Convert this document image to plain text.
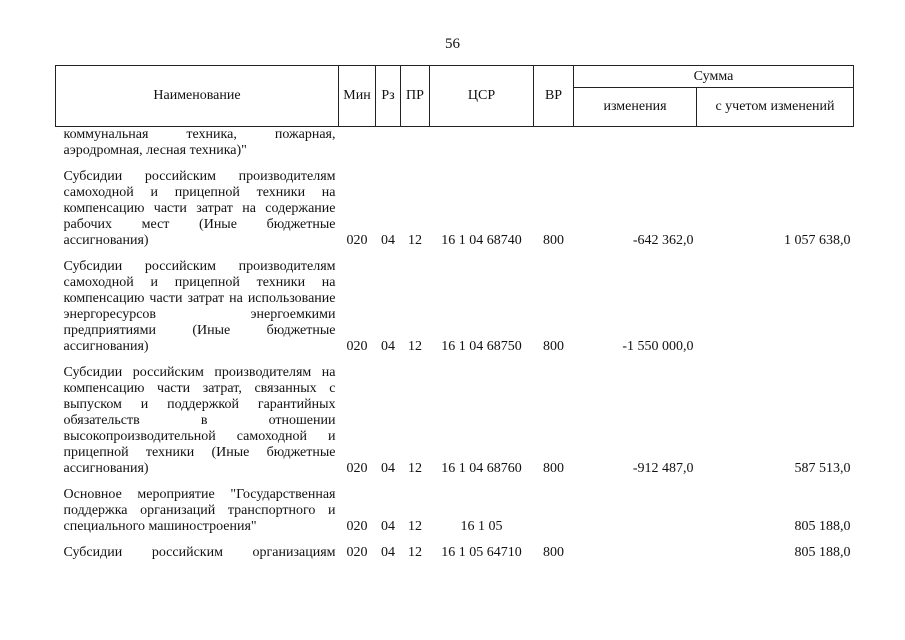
56
Наименование	Мин	Рз	ПР	ЦСР	ВР	Сумма	
						изменения	с учетом изменений
коммунальная техника, пожарная, аэродромная, лесная техника)"							

Субсидии российским производителям самоходной и прицепной техники на компенсацию части затрат на содержание рабочих мест (Иные бюджетные ассигнования)	020	04	12	16 1 04 68740	800	-642 362,0	1 057 638,0

Субсидии российским производителям самоходной и прицепной техники на компенсацию части затрат на использование энергоресурсов энергоемкими предприятиями (Иные бюджетные ассигнования)	020	04	12	16 1 04 68750	800	-1 550 000,0	

Субсидии российским производителям на компенсацию части затрат, связанных с выпуском и поддержкой гарантийных обязательств в отношении высокопроизводительной самоходной и прицепной техники (Иные бюджетные ассигнования)	020	04	12	16 1 04 68760	800	-912 487,0	587 513,0

Основное мероприятие "Государственная поддержка организаций транспортного и специального машиностроения"	020	04	12	16 1 05			805 188,0

Субсидии российским организациям	020	04	12	16 1 05 64710	800		805 188,0
